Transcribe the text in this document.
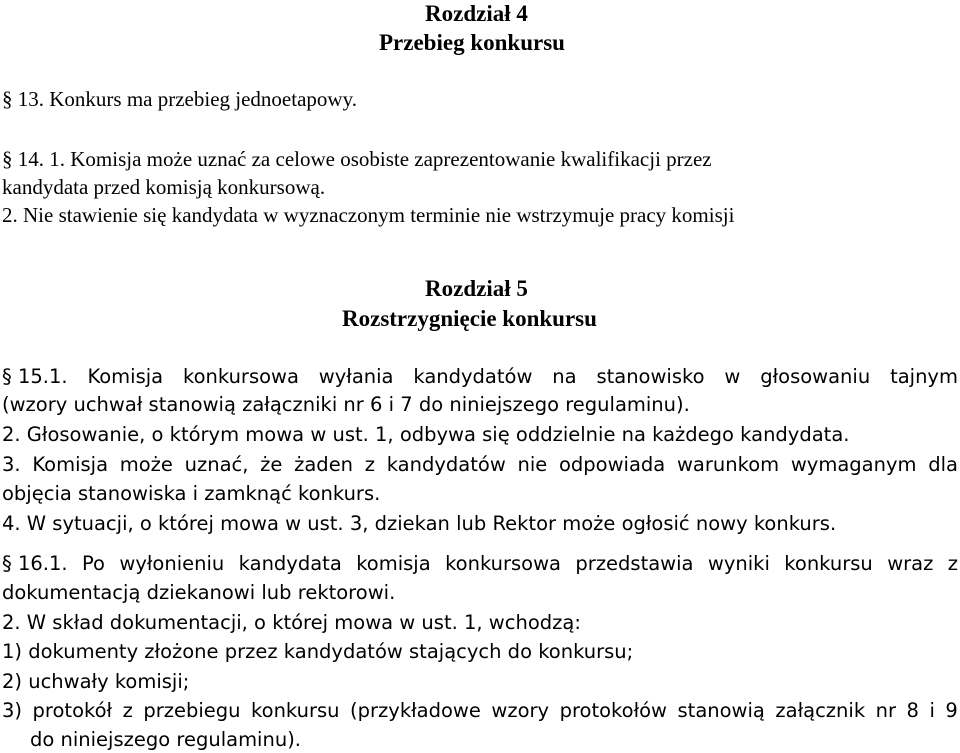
Rozdział 4
Przebieg konkursu
§ 13. Konkurs ma przebieg jednoetapowy.
§ 14. 1. Komisja może uznać za celowe osobiste zaprezentowanie kwalifikacji przez
kandydata przed komisją konkursową.
2. Nie stawienie się kandydata w wyznaczonym terminie nie wstrzymuje pracy komisji
Rozdział 5
Rozstrzygnięcie konkursu
§ 15.1. Komisja konkursowa wyłania kandydatów na stanowisko w głosowaniu tajnym
(wzory uchwał stanowią załączniki nr 6 i 7 do niniejszego regulaminu).
2. Głosowanie, o którym mowa w ust. 1, odbywa się oddzielnie na każdego kandydata.
3. Komisja może uznać, że żaden z kandydatów nie odpowiada warunkom wymaganym dla
objęcia stanowiska i zamknąć konkurs.
4. W sytuacji, o której mowa w ust. 3, dziekan lub Rektor może ogłosić nowy konkurs.
§ 16.1. Po wyłonieniu kandydata komisja konkursowa przedstawia wyniki konkursu wraz z
dokumentacją dziekanowi lub rektorowi.
2. W skład dokumentacji, o której mowa w ust. 1, wchodzą:
1) dokumenty złożone przez kandydatów stających do konkursu;
2) uchwały komisji;
3) protokół z przebiegu konkursu (przykładowe wzory protokołów stanowią załącznik nr 8 i 9
do niniejszego regulaminu).
